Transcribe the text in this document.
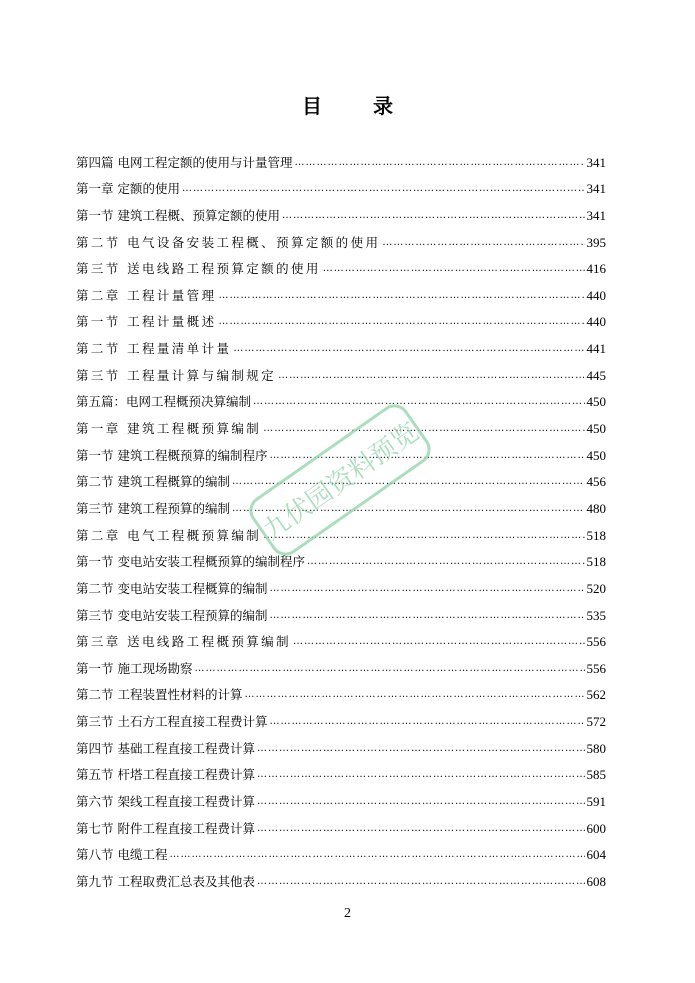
目 录
第四篇 电网工程定额的使用与计量管理 …………………………………………………………………………………………………………………………………………………………	341
第一章 定额的使用 …………………………………………………………………………………………………………………………………………………………	341
第一节 建筑工程概、预算定额的使用 …………………………………………………………………………………………………………………………………………………………	341
第二节 电气设备安装工程概、预算定额的使用 …………………………………………………………………………………………………………………………………………………………	395
第三节 送电线路工程预算定额的使用 …………………………………………………………………………………………………………………………………………………………	416
第二章 工程计量管理 …………………………………………………………………………………………………………………………………………………………	440
第一节 工程计量概述 …………………………………………………………………………………………………………………………………………………………	440
第二节 工程量清单计量 …………………………………………………………………………………………………………………………………………………………	441
第三节 工程量计算与编制规定 …………………………………………………………………………………………………………………………………………………………	445
第五篇：电网工程概预决算编制 …………………………………………………………………………………………………………………………………………………………	450
第一章 建筑工程概预算编制 …………………………………………………………………………………………………………………………………………………………	450
第一节 建筑工程概预算的编制程序 …………………………………………………………………………………………………………………………………………………………	450
第二节 建筑工程概算的编制 …………………………………………………………………………………………………………………………………………………………	456
第三节 建筑工程预算的编制 …………………………………………………………………………………………………………………………………………………………	480
第二章 电气工程概预算编制 …………………………………………………………………………………………………………………………………………………………	518
第一节 变电站安装工程概预算的编制程序 …………………………………………………………………………………………………………………………………………………………	518
第二节 变电站安装工程概算的编制 …………………………………………………………………………………………………………………………………………………………	520
第三节 变电站安装工程预算的编制 …………………………………………………………………………………………………………………………………………………………	535
第三章 送电线路工程概预算编制 …………………………………………………………………………………………………………………………………………………………	556
第一节 施工现场勘察 …………………………………………………………………………………………………………………………………………………………	556
第二节 工程装置性材料的计算 …………………………………………………………………………………………………………………………………………………………	562
第三节 土石方工程直接工程费计算 …………………………………………………………………………………………………………………………………………………………	572
第四节 基础工程直接工程费计算 …………………………………………………………………………………………………………………………………………………………	580
第五节 杆塔工程直接工程费计算 …………………………………………………………………………………………………………………………………………………………	585
第六节 架线工程直接工程费计算 …………………………………………………………………………………………………………………………………………………………	591
第七节 附件工程直接工程费计算 …………………………………………………………………………………………………………………………………………………………	600
第八节 电缆工程 …………………………………………………………………………………………………………………………………………………………	604
第九节 工程取费汇总表及其他表 …………………………………………………………………………………………………………………………………………………………	608
九伏园资料预览
2
